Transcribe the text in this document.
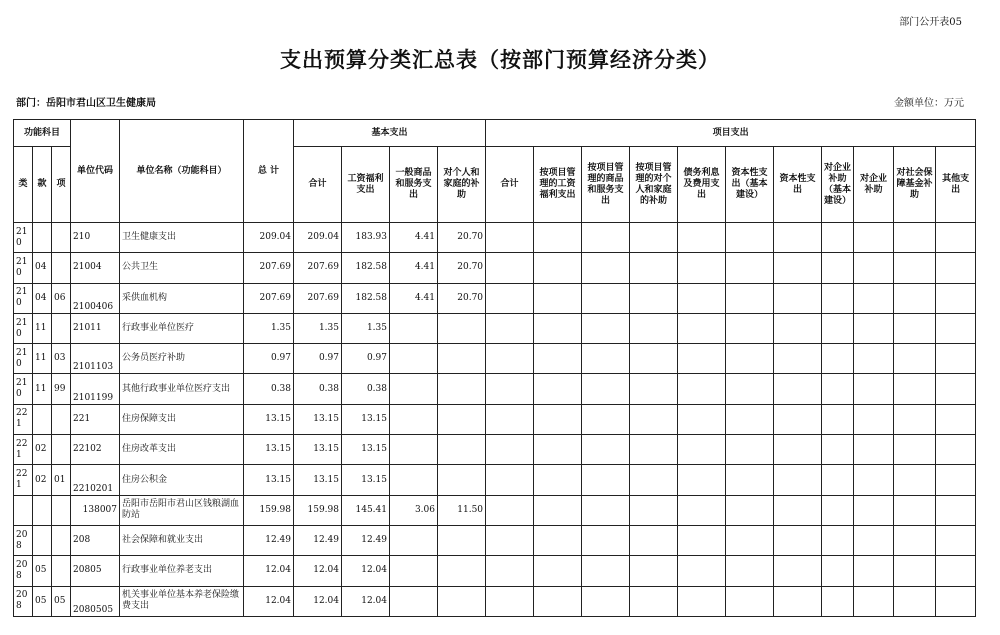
部门公开表05
支出预算分类汇总表（按部门预算经济分类）
部门：岳阳市君山区卫生健康局	金额单位：万元
功能科目			单位代码	单位名称（功能科目）	总 计	基本支出				项目支出										
类	款	项				合计	工资福利支出	一般商品和服务支出	对个人和家庭的补助	合计	按项目管理的工资福利支出	按项目管理的商品和服务支出	按项目管理的对个人和家庭的补助	债务利息及费用支出	资本性支出（基本建设）	资本性支出	对企业补助（基本建设）	对企业补助	对社会保障基金补助	其他支出
210			210	卫生健康支出	209.04	209.04	183.93	4.41	20.70											
210	04		21004	公共卫生	207.69	207.69	182.58	4.41	20.70											
210	04	06	2100406	采供血机构	207.69	207.69	182.58	4.41	20.70											
210	11		21011	行政事业单位医疗	1.35	1.35	1.35													
210	11	03	2101103	公务员医疗补助	0.97	0.97	0.97													
210	11	99	2101199	其他行政事业单位医疗支出	0.38	0.38	0.38													
221			221	住房保障支出	13.15	13.15	13.15													
221	02		22102	住房改革支出	13.15	13.15	13.15													
221	02	01	2210201	住房公积金	13.15	13.15	13.15													
			138007	岳阳市岳阳市君山区钱粮湖血防站	159.98	159.98	145.41	3.06	11.50											
208			208	社会保障和就业支出	12.49	12.49	12.49													
208	05		20805	行政事业单位养老支出	12.04	12.04	12.04													
208	05	05	2080505	机关事业单位基本养老保险缴费支出	12.04	12.04	12.04													
